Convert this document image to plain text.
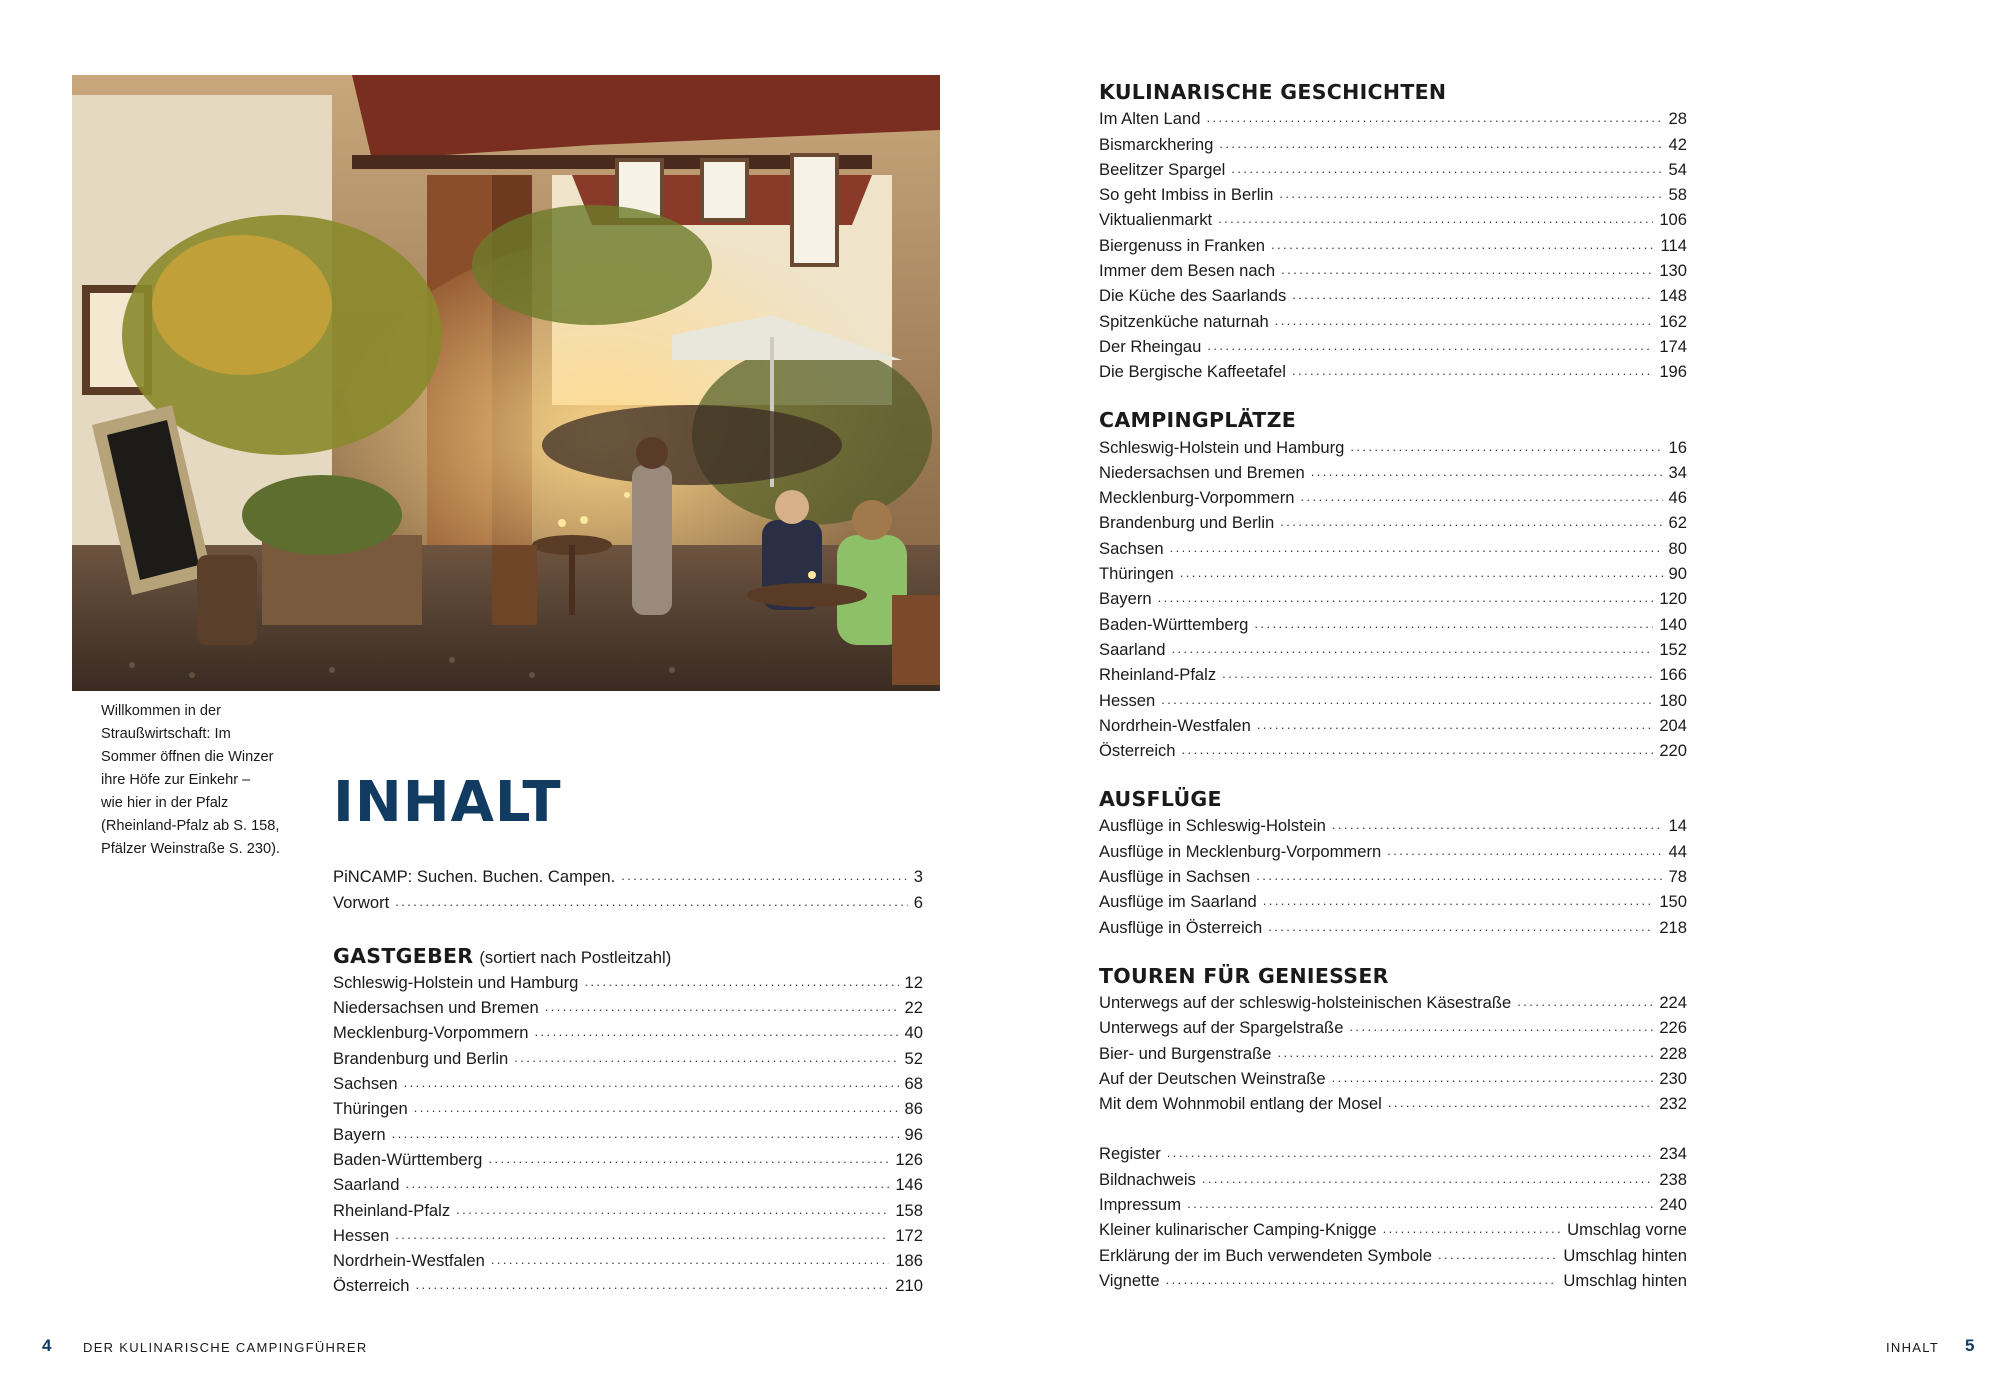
Willkommen in der
Straußwirtschaft: Im
Sommer öffnen die Winzer
ihre Höfe zur Einkehr –
wie hier in der Pfalz
(Rheinland-Pfalz ab S. 158,
Pfälzer Weinstraße S. 230).
INHALT
PiNCAMP: Suchen. Buchen. Campen. .....	3
Vorwort .....	6
GASTGEBER (sortiert nach Postleitzahl)
Schleswig-Holstein und Hamburg .....	12
Niedersachsen und Bremen .....	22
Mecklenburg-Vorpommern .....	40
Brandenburg und Berlin .....	52
Sachsen .....	68
Thüringen .....	86
Bayern .....	96
Baden-Württemberg .....	126
Saarland .....	146
Rheinland-Pfalz .....	158
Hessen .....	172
Nordrhein-Westfalen .....	186
Österreich .....	210
KULINARISCHE GESCHICHTEN
Im Alten Land .....	28
Bismarckhering .....	42
Beelitzer Spargel .....	54
So geht Imbiss in Berlin .....	58
Viktualienmarkt .....	106
Biergenuss in Franken .....	114
Immer dem Besen nach .....	130
Die Küche des Saarlands .....	148
Spitzenküche naturnah .....	162
Der Rheingau .....	174
Die Bergische Kaffeetafel .....	196
CAMPINGPLÄTZE
Schleswig-Holstein und Hamburg .....	16
Niedersachsen und Bremen .....	34
Mecklenburg-Vorpommern .....	46
Brandenburg und Berlin .....	62
Sachsen .....	80
Thüringen .....	90
Bayern .....	120
Baden-Württemberg .....	140
Saarland .....	152
Rheinland-Pfalz .....	166
Hessen .....	180
Nordrhein-Westfalen .....	204
Österreich .....	220
AUSFLÜGE
Ausflüge in Schleswig-Holstein .....	14
Ausflüge in Mecklenburg-Vorpommern .....	44
Ausflüge in Sachsen .....	78
Ausflüge im Saarland .....	150
Ausflüge in Österreich .....	218
TOUREN FÜR GENIESSER
Unterwegs auf der schleswig-holsteinischen Käsestraße .....	224
Unterwegs auf der Spargelstraße .....	226
Bier- und Burgenstraße .....	228
Auf der Deutschen Weinstraße .....	230
Mit dem Wohnmobil entlang der Mosel .....	232
Register .....	234
Bildnachweis .....	238
Impressum .....	240
Kleiner kulinarischer Camping-Knigge .....	Umschlag vorne
Erklärung der im Buch verwendeten Symbole .....	Umschlag hinten
Vignette .....	Umschlag hinten
4 DER KULINARISCHE CAMPINGFÜHRER	INHALT 5
